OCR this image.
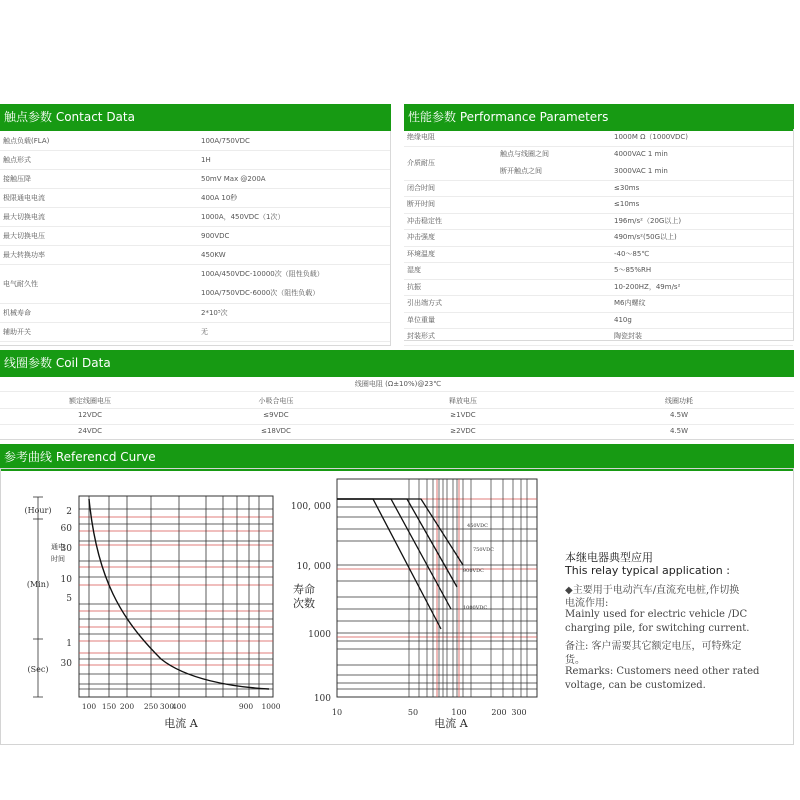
触点参数 Contact Data
触点负载(FLA)	100A/750VDC
触点形式	1H
接触压降	50mV Max @200A
极限通电电流	400A 10秒
最大切换电流	1000A，450VDC（1次）
最大切换电压	900VDC
最大转换功率	450KW
电气耐久性
100A/450VDC-10000次（阻性负载）
100A/750VDC-6000次（阻性负载）
机械寿命	2*10⁵次
辅助开关	无
性能参数 Performance Parameters
绝缘电阻	1000M Ω（1000VDC)
介质耐压
触点与线圈之间	4000VAC 1 min
断开触点之间	3000VAC 1 min
闭合时间	≤30ms
断开时间	≤10ms
冲击稳定性	196m/s²（20G以上)
冲击强度	490m/s²(50G以上)
环境温度	-40～85℃
湿度	5～85%RH
抗振	10-200HZ，49m/s²
引出端方式	M6内螺纹
单位重量	410g
封装形式	陶瓷封装
线圈参数 Coil Data
线圈电阻 (Ω±10%)@23℃
额定线圈电压	小吸合电压	释放电压	线圈功耗
12VDC	≤9VDC	≥1VDC	4.5W
24VDC	≤18VDC	≥2VDC	4.5W
参考曲线 Referencd Curve
2
60
30
10
5
1
30
(Hour)
(Min)
(Sec)
通电
时间
100 150 200 250 300
400	900 1000
电流 A
450VDC
750VDC
900VDC
1000VDC
100, 000
10, 000
1000
100
寿命
次数
10	50	100	200 300
电流 A
本继电器典型应用
This relay typical application :
◆主要用于电动汽车/直流充电桩,作切换
电流作用:
Mainly used for electric vehicle /DC
charging pile, for switching current.
备注: 客户需要其它额定电压，可特殊定
货。
Remarks: Customers need other rated
voltage, can be customized.
